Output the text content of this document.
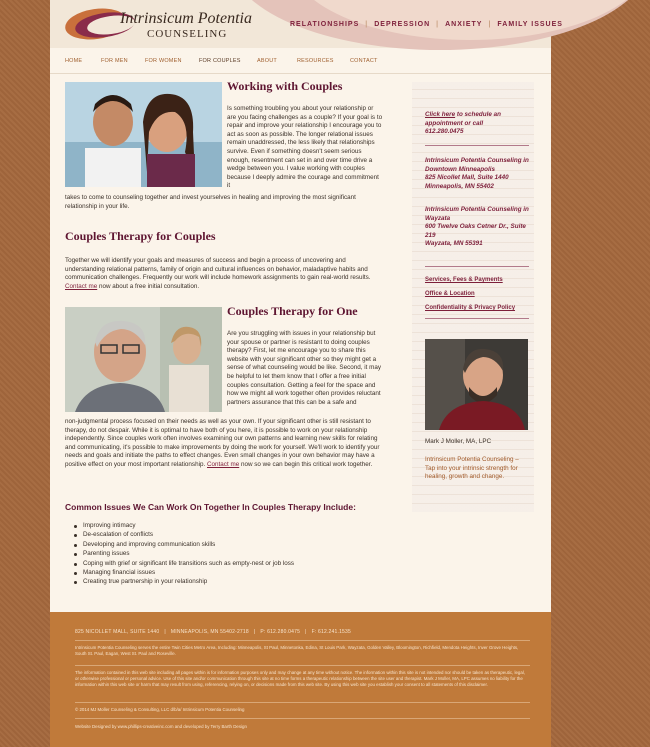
Intrinsicum Potentia
COUNSELING
RELATIONSHIPS | DEPRESSION | ANXIETY | FAMILY ISSUES
HOME	FOR MEN	FOR WOMEN	FOR COUPLES	ABOUT	RESOURCES	CONTACT
Working with Couples
Is something troubling you about your relationship or are you facing challenges as a couple? If your goal is to repair and improve your relationship I encourage you to act as soon as possible. The longer relational issues remain unaddressed, the less likely that relationships survive. Even if something doesn't seem serious enough, resentment can set in and over time drive a wedge between you. I value working with couples because I deeply admire the courage and commitment it
takes to come to counseling together and invest yourselves in healing and improving the most significant relationship in your life.
Couples Therapy for Couples
Together we will identify your goals and measures of success and begin a process of uncovering and understanding relational patterns, family of origin and cultural influences on behavior, maladaptive habits and communication challenges. Frequently our work will include homework assignments to gain real-world results. Contact me now about a free initial consultation.
Couples Therapy for One
Are you struggling with issues in your relationship but your spouse or partner is resistant to doing couples therapy? First, let me encourage you to share this website with your significant other so they might get a sense of what counseling would be like. Second, it may be helpful to let them know that I offer a free initial couples consultation. Getting a feel for the space and how we might all work together often provides reluctant partners assurance that this can be a safe and
non-judgmental process focused on their needs as well as your own. If your significant other is still resistant to therapy, do not despair. While it is optimal to have both of you here, it is possible to work on your relationship independently. Since couples work often involves examining our own patterns and learning new skills for relating and communicating, it's possible to make improvements by doing the work for yourself. We'll work to identify your needs and goals and initiate the paths to effect changes. Even small changes in your own behavior may have a positive effect on your most important relationship. Contact me now so we can begin this critical work together.
Common Issues We Can Work On Together In Couples Therapy Include:
Improving intimacy
De-escalation of conflicts
Developing and improving communication skills
Parenting issues
Coping with grief or significant life transitions such as empty-nest or job loss
Managing financial issues
Creating true partnership in your relationship
Click here to schedule an appointment or call
612.280.0475
Intrinsicum Potentia Counseling in Downtown Minneapolis
825 Nicollet Mall, Suite 1440
Minneapolis, MN 55402
Intrinsicum Potentia Counseling in Wayzata
600 Twelve Oaks Cetner Dr., Suite 219
Wayzata, MN 55391
Services, Fees & Payments
Office & Location
Confidentiality & Privacy Policy
Mark J Moller, MA, LPC
Intrinsicum Potentia Counseling – Tap into your intrinsic strength for healing, growth and change.
825 NICOLLET MALL, SUITE 1440 | MINNEAPOLIS, MN 55402-2718 | P: 612.280.0475 | F: 612.241.1535
Intrinsicum Potentia Counseling serves the entire Twin Cities Metro Area, Including: Minneapolis, St Paul, Minnetonka, Edina, St Louis Park, Wayzata, Golden Valley, Bloomington, Richfield, Mendota Heights, Inver Grove Heights, South St. Paul, Eagan, West St. Paul and Roseville.
The information contained in this web site including all pages within is for information purposes only and may change at any time without notice. The information within this site is not intended nor should be taken as therapeutic, legal, or otherwise professional or personal advice. Use of this site and/or communication through this site at no time forms a therapeutic relationship between the site user and therapist. Mark J Moller, MA, LPC assumes no liability for the information within this web site or harm that may result from using, referencing, relying on, or decisions made from this web site. By using this web site you establish your consent to all statements of this disclaimer.
© 2014 MJ Moller Counseling & Consulting, LLC d/b/a/ Intrinsicum Potentia Counseling
Website Designed by www.phillips-creativeinc.com and developed by Terry Barth Design
